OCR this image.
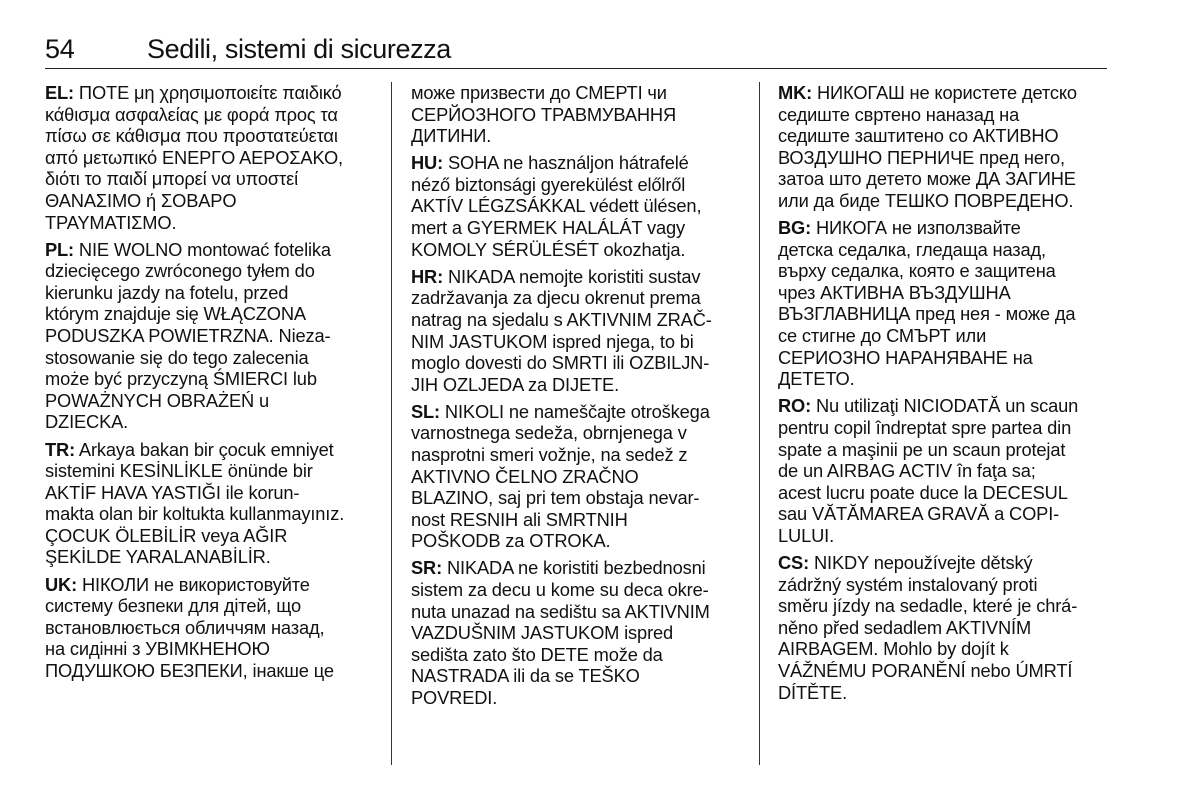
54	Sedili, sistemi di sicurezza
EL: ΠΟΤΕ μη χρησιμοποιείτε παιδικό
κάθισμα ασφαλείας με φορά προς τα
πίσω σε κάθισμα που προστατεύεται
από μετωπικό ΕΝΕΡΓΟ ΑΕΡΟΣΑΚΟ,
διότι το παιδί μπορεί να υποστεί
ΘΑΝΑΣΙΜΟ ή ΣΟΒΑΡΟ
ΤΡΑΥΜΑΤΙΣΜΟ.
PL: NIE WOLNO montować fotelika
dziecięcego zwróconego tyłem do
kierunku jazdy na fotelu, przed
którym znajduje się WŁĄCZONA
PODUSZKA POWIETRZNA. Nieza-
stosowanie się do tego zalecenia
może być przyczyną ŚMIERCI lub
POWAŻNYCH OBRAŻEŃ u
DZIECKA.
TR: Arkaya bakan bir çocuk emniyet
sistemini KESİNLİKLE önünde bir
AKTİF HAVA YASTIĞI ile korun-
makta olan bir koltukta kullanmayınız.
ÇOCUK ÖLEBİLİR veya AĞIR
ŞEKİLDE YARALANABİLİR.
UK: НІКОЛИ не використовуйте
систему безпеки для дітей, що
встановлюється обличчям назад,
на сидінні з УВІМКНЕНОЮ
ПОДУШКОЮ БЕЗПЕКИ, інакше це
може призвести до СМЕРТІ чи
СЕРЙОЗНОГО ТРАВМУВАННЯ
ДИТИНИ.
HU: SOHA ne használjon hátrafelé
néző biztonsági gyerekülést előlről
AKTÍV LÉGZSÁKKAL védett ülésen,
mert a GYERMEK HALÁLÁT vagy
KOMOLY SÉRÜLÉSÉT okozhatja.
HR: NIKADA nemojte koristiti sustav
zadržavanja za djecu okrenut prema
natrag na sjedalu s AKTIVNIM ZRAČ-
NIM JASTUKOM ispred njega, to bi
moglo dovesti do SMRTI ili OZBILJN-
JIH OZLJEDA za DIJETE.
SL: NIKOLI ne nameščajte otroškega
varnostnega sedeža, obrnjenega v
nasprotni smeri vožnje, na sedež z
AKTIVNO ČELNO ZRAČNO
BLAZINO, saj pri tem obstaja nevar-
nost RESNIH ali SMRTNIH
POŠKODB za OTROKA.
SR: NIKADA ne koristiti bezbednosni
sistem za decu u kome su deca okre-
nuta unazad na sedištu sa AKTIVNIM
VAZDUŠNIM JASTUKOM ispred
sedišta zato što DETE može da
NASTRADA ili da se TEŠKO
POVREDI.
MK: НИКОГАШ не користете детско
седиште свртено наназад на
седиште заштитено со АКТИВНО
ВОЗДУШНО ПЕРНИЧЕ пред него,
затоа што детето може ДА ЗАГИНЕ
или да биде ТЕШКО ПОВРЕДЕНО.
BG: НИКОГА не използвайте
детска седалка, гледаща назад,
върху седалка, която е защитена
чрез АКТИВНА ВЪЗДУШНА
ВЪЗГЛАВНИЦА пред нея - може да
се стигне до СМЪРТ или
СЕРИОЗНО НАРАНЯВАНЕ на
ДЕТЕТО.
RO: Nu utilizaţi NICIODATĂ un scaun
pentru copil îndreptat spre partea din
spate a maşinii pe un scaun protejat
de un AIRBAG ACTIV în faţa sa;
acest lucru poate duce la DECESUL
sau VĂTĂMAREA GRAVĂ a COPI-
LULUI.
CS: NIKDY nepoužívejte dětský
zádržný systém instalovaný proti
směru jízdy na sedadle, které je chrá-
něno před sedadlem AKTIVNÍM
AIRBAGEM. Mohlo by dojít k
VÁŽNÉMU PORANĚNÍ nebo ÚMRTÍ
DÍTĚTE.
